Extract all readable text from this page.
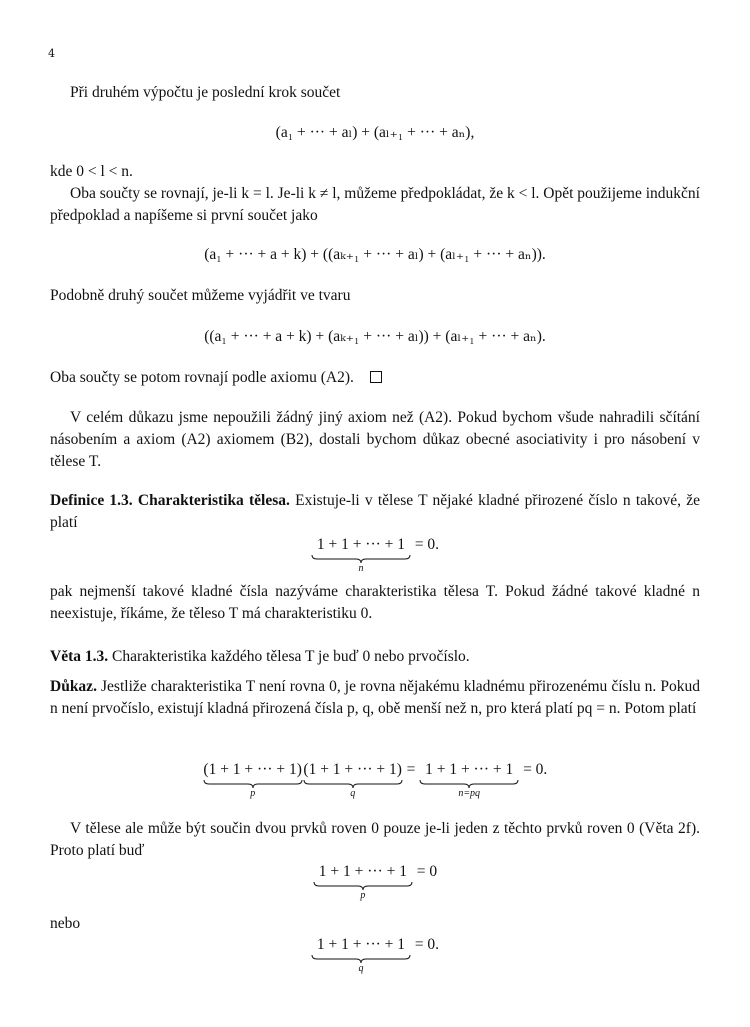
4
Při druhém výpočtu je poslední krok součet
(a₁ + ··· + aₗ) + (aₗ₊₁ + ··· + aₙ),
kde 0 < l < n.
Oba součty se rovnají, je-li k = l. Je-li k ≠ l, můžeme předpokládat, že k < l. Opět použijeme indukční předpoklad a napíšeme si první součet jako
(a₁ + ··· + a + k) + ((aₖ₊₁ + ··· + aₗ) + (aₗ₊₁ + ··· + aₙ)).
Podobně druhý součet můžeme vyjádřit ve tvaru
((a₁ + ··· + a + k) + (aₖ₊₁ + ··· + aₗ)) + (aₗ₊₁ + ··· + aₙ).
Oba součty se potom rovnají podle axiomu (A2).
V celém důkazu jsme nepoužili žádný jiný axiom než (A2). Pokud bychom všude nahradili sčítání násobením a axiom (A2) axiomem (B2), dostali bychom důkaz obecné asociativity i pro násobení v tělese T.
Definice 1.3. Charakteristika tělesa. Existuje-li v tělese T nějaké kladné přirozené číslo n takové, že platí
1 + 1 + ··· + 1
n
= 0.
pak nejmenší takové kladné čísla nazýváme charakteristika tělesa T. Pokud žádné takové kladné n neexistuje, říkáme, že těleso T má charakteristiku 0.
Věta 1.3. Charakteristika každého tělesa T je buď 0 nebo prvočíslo.
Důkaz. Jestliže charakteristika T není rovna 0, je rovna nějakému kladnému přirozenému číslu n. Pokud n není prvočíslo, existují kladná přirozená čísla p, q, obě menší než n, pro která platí pq = n. Potom platí
(1 + 1 + ··· + 1)
p
(1 + 1 + ··· + 1)
q
= 1 + 1 + ··· + 1
n=pq
= 0.
V tělese ale může být součin dvou prvků roven 0 pouze je-li jeden z těchto prvků roven 0 (Věta 2f). Proto platí buď
1 + 1 + ··· + 1
p
= 0
nebo
1 + 1 + ··· + 1
q
= 0.
